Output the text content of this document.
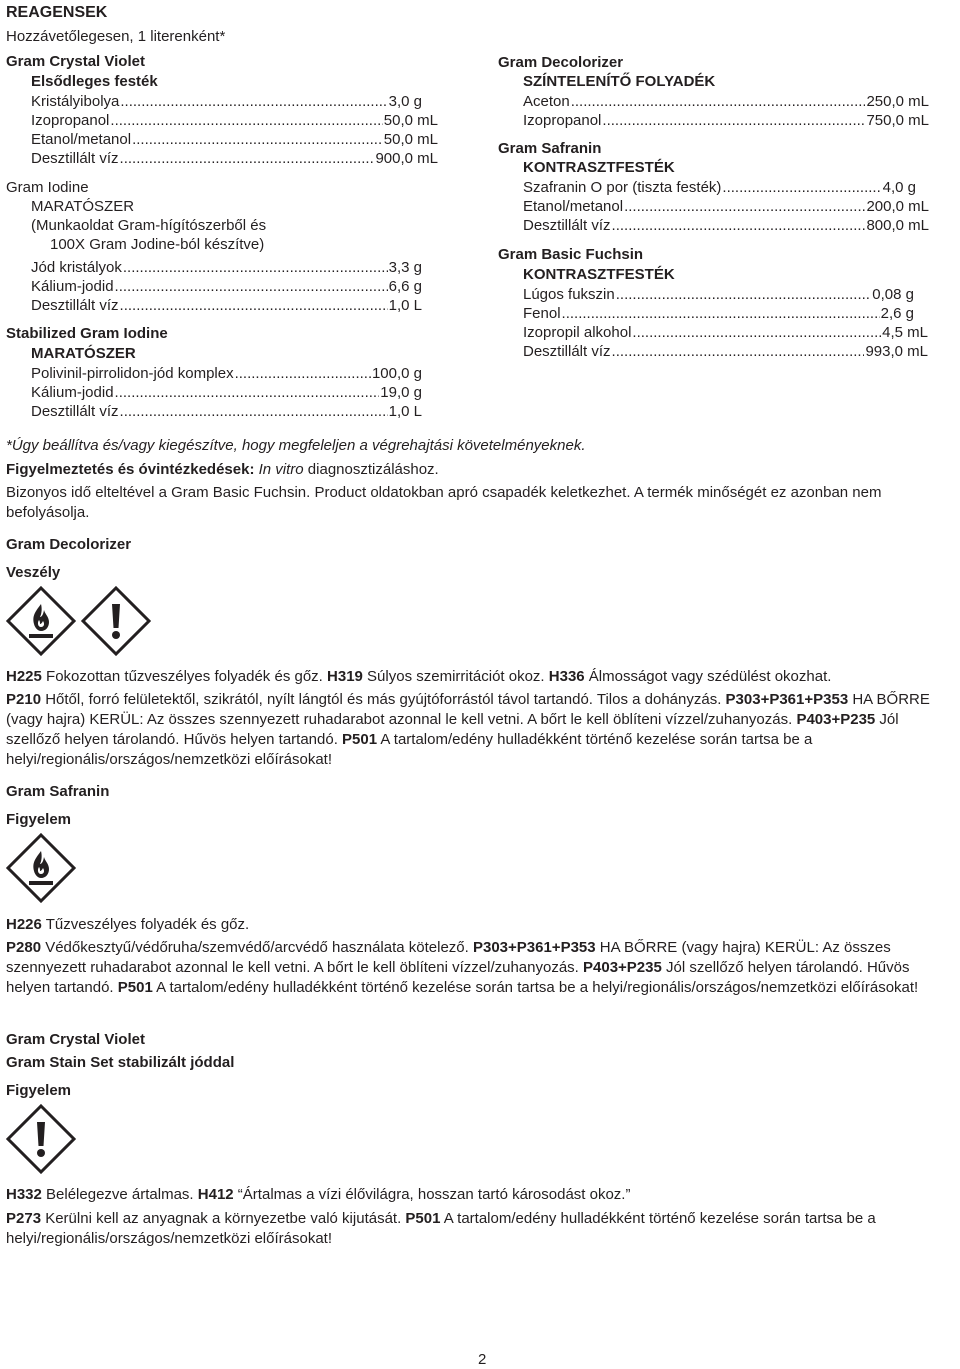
REAGENSEK
Hozzávetőlegesen, 1 literenként*
Gram Crystal Violet
Elsődleges festék
Kristályibolya .....	3,0 g
Izopropanol .....	50,0 mL
Etanol/metanol .....	50,0 mL
Desztillált víz .....	900,0 mL
Gram Iodine
MARATÓSZER
(Munkaoldat Gram-hígítószerből és
100X Gram Jodine-ból készítve)
Jód kristályok .....	3,3 g
Kálium-jodid .....	6,6 g
Desztillált víz .....	1,0 L
Stabilized Gram Iodine
MARATÓSZER
Polivinil-pirrolidon-jód komplex .....	100,0 g
Kálium-jodid .....	19,0 g
Desztillált víz .....	1,0 L
Gram Decolorizer
SZÍNTELENÍTŐ FOLYADÉK
Aceton .....	250,0 mL
Izopropanol .....	750,0 mL
Gram Safranin
KONTRASZTFESTÉK
Szafranin O por (tiszta festék) .....	4,0 g
Etanol/metanol .....	200,0 mL
Desztillált víz .....	800,0 mL
Gram Basic Fuchsin
KONTRASZTFESTÉK
Lúgos fukszin .....	0,08 g
Fenol .....	2,6 g
Izopropil alkohol .....	4,5 mL
Desztillált víz .....	993,0 mL
*Úgy beállítva és/vagy kiegészítve, hogy megfeleljen a végrehajtási követelményeknek.
Figyelmeztetés és óvintézkedések: In vitro diagnosztizáláshoz.
Bizonyos idő elteltével a Gram Basic Fuchsin. Product oldatokban apró csapadék keletkezhet. A termék minőségét ez azonban nem befolyásolja.
Gram Decolorizer
Veszély
H225 Fokozottan tűzveszélyes folyadék és gőz. H319 Súlyos szemirritációt okoz. H336 Álmosságot vagy szédülést okozhat.
P210 Hőtől, forró felületektől, szikrától, nyílt lángtól és más gyújtóforrástól távol tartandó. Tilos a dohányzás. P303+P361+P353 HA BŐRRE (vagy hajra) KERÜL: Az összes szennyezett ruhadarabot azonnal le kell vetni. A bőrt le kell öblíteni vízzel/zuhanyozás. P403+P235 Jól szellőző helyen tárolandó. Hűvös helyen tartandó. P501 A tartalom/edény hulladékként történő kezelése során tartsa be a helyi/regionális/országos/nemzetközi előírásokat!
Gram Safranin
Figyelem
H226 Tűzveszélyes folyadék és gőz.
P280 Védőkesztyű/védőruha/szemvédő/arcvédő használata kötelező. P303+P361+P353 HA BŐRRE (vagy hajra) KERÜL: Az összes szennyezett ruhadarabot azonnal le kell vetni. A bőrt le kell öblíteni vízzel/zuhanyozás. P403+P235 Jól szellőző helyen tárolandó. Hűvös helyen tartandó. P501 A tartalom/edény hulladékként történő kezelése során tartsa be a helyi/regionális/országos/nemzetközi előírásokat!
Gram Crystal Violet
Gram Stain Set stabilizált jóddal
Figyelem
H332 Belélegezve ártalmas. H412 “Ártalmas a vízi élővilágra, hosszan tartó károsodást okoz.”
P273 Kerülni kell az anyagnak a környezetbe való kijutását. P501 A tartalom/edény hulladékként történő kezelése során tartsa be a helyi/regionális/országos/nemzetközi előírásokat!
2
